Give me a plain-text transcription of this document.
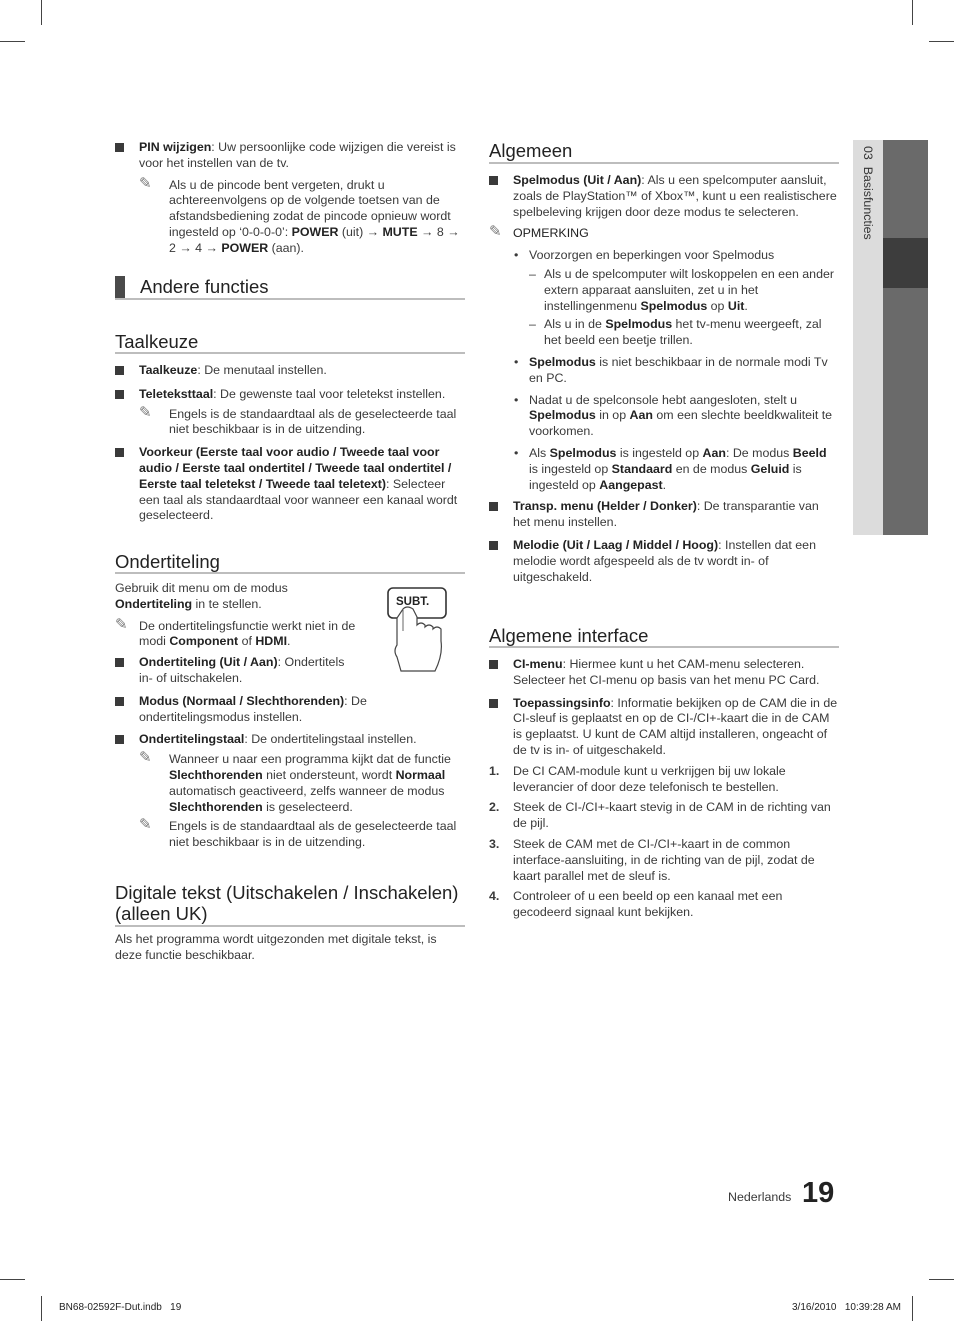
03  Basisfuncties
PIN wijzigen: Uw persoonlijke code wijzigen die vereist is voor het instellen van de tv.
✎ Als u de pincode bent vergeten, drukt u achtereenvolgens op de volgende toetsen van de afstandsbediening zodat de pincode opnieuw wordt ingesteld op ‘0-0-0-0’: POWER (uit) → MUTE → 8 → 2 → 4 → POWER (aan).
Andere functies
Taalkeuze
Taalkeuze: De menutaal instellen.
Teleteksttaal: De gewenste taal voor teletekst instellen.
✎ Engels is de standaardtaal als de geselecteerde taal niet beschikbaar is in de uitzending.
Voorkeur (Eerste taal voor audio / Tweede taal voor audio / Eerste taal ondertitel / Tweede taal ondertitel / Eerste taal teletekst / Tweede taal teletext): Selecteer een taal als standaardtaal voor wanneer een kanaal wordt geselecteerd.
Ondertiteling
Gebruik dit menu om de modus Ondertiteling in te stellen.
✎ De ondertitelingsfunctie werkt niet in de modi Component of HDMI.
Ondertiteling (Uit / Aan): Ondertitels in- of uitschakelen.
Modus (Normaal / Slechthorenden): De ondertitelingsmodus instellen.
Ondertitelingstaal: De ondertitelingstaal instellen.
✎ Wanneer u naar een programma kijkt dat de functie Slechthorenden niet ondersteunt, wordt Normaal automatisch geactiveerd, zelfs wanneer de modus Slechthorenden is geselecteerd.
✎ Engels is de standaardtaal als de geselecteerde taal niet beschikbaar is in de uitzending.
SUBT.
Digitale tekst (Uitschakelen / Inschakelen) (alleen UK)
Als het programma wordt uitgezonden met digitale tekst, is deze functie beschikbaar.
Algemeen
Spelmodus (Uit / Aan): Als u een spelcomputer aansluit, zoals de PlayStation™ of Xbox™, kunt u een realistischere spelbeleving krijgen door deze modus te selecteren.
✎ OPMERKING
• Voorzorgen en beperkingen voor Spelmodus
– Als u de spelcomputer wilt loskoppelen en een ander extern apparaat aansluiten, zet u in het instellingenmenu Spelmodus op Uit.
– Als u in de Spelmodus het tv-menu weergeeft, zal het beeld een beetje trillen.
• Spelmodus is niet beschikbaar in de normale modi Tv en PC.
• Nadat u de spelconsole hebt aangesloten, stelt u Spelmodus in op Aan om een slechte beeldkwaliteit te voorkomen.
• Als Spelmodus is ingesteld op Aan: De modus Beeld is ingesteld op Standaard en de modus Geluid is ingesteld op Aangepast.
Transp. menu (Helder / Donker): De transparantie van het menu instellen.
Melodie (Uit / Laag / Middel / Hoog): Instellen dat een melodie wordt afgespeeld als de tv wordt in- of uitgeschakeld.
Algemene interface
CI-menu: Hiermee kunt u het CAM-menu selecteren. Selecteer het CI-menu op basis van het menu PC Card.
Toepassingsinfo: Informatie bekijken op de CAM die in de CI-sleuf is geplaatst en op de CI-/CI+-kaart die in de CAM is geplaatst. U kunt de CAM altijd installeren, ongeacht of de tv is in- of uitgeschakeld.
1. De CI CAM-module kunt u verkrijgen bij uw lokale leverancier of door deze telefonisch te bestellen.
2. Steek de CI-/CI+-kaart stevig in de CAM in de richting van de pijl.
3. Steek de CAM met de CI-/CI+-kaart in de common interface-aansluiting, in de richting van de pijl, zodat de kaart parallel met de sleuf is.
4. Controleer of u een beeld op een kanaal met een gecodeerd signaal kunt bekijken.
Nederlands 19
BN68-02592F-Dut.indb   19	3/16/2010   10:39:28 AM
